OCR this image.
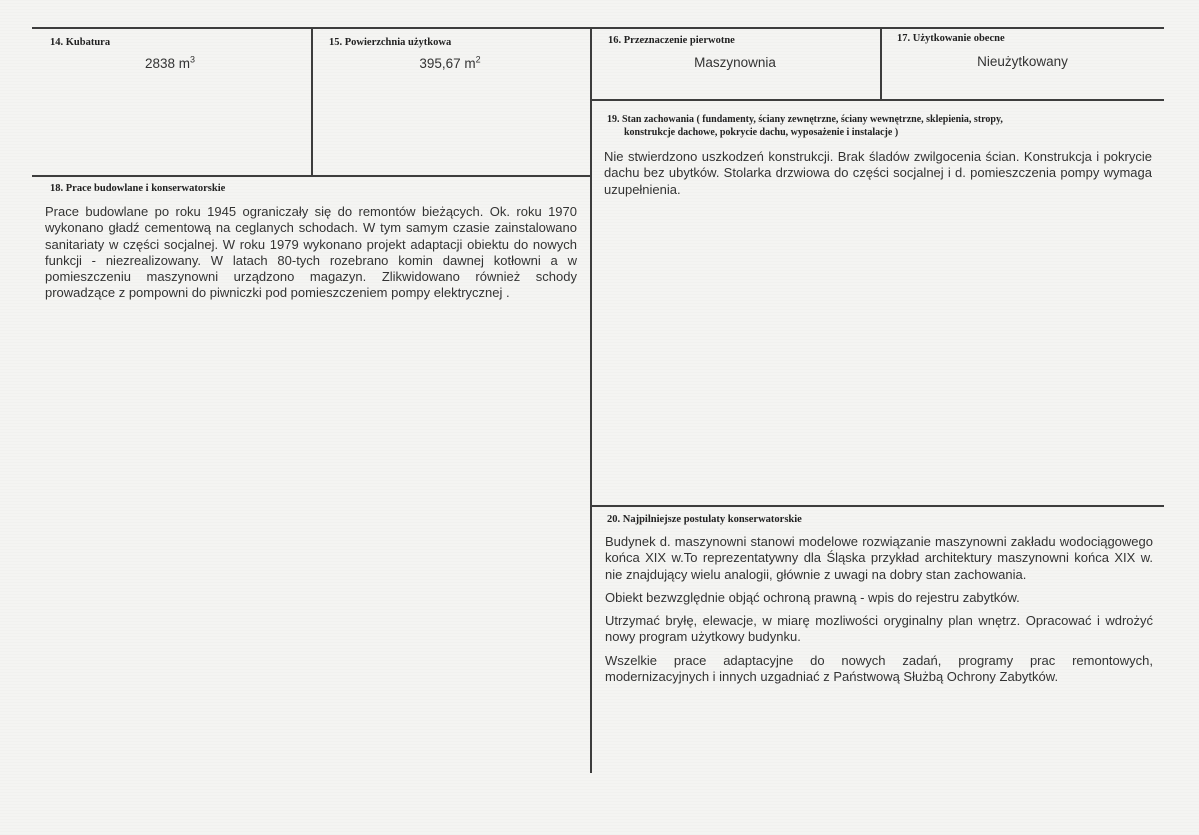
14. Kubatura
2838 $m^3$
15. Powierzchnia użytkowa
395,67 $m^2$
16. Przeznaczenie pierwotne
Maszynownia
17. Użytkowanie obecne
Nieużytkowany
19. Stan zachowania ( fundamenty, ściany zewnętrzne, ściany wewnętrzne, sklepienia, stropy,
konstrukcje dachowe, pokrycie dachu, wyposażenie i instalacje )

Nie stwierdzono uszkodzeń konstrukcji. Brak śladów zwilgocenia ścian. Konstrukcja i pokrycie dachu bez ubytków. Stolarka drzwiowa do części socjalnej i d. pomieszczenia pompy wymaga uzupełnienia.

18. Prace budowlane i konserwatorskie

Prace budowlane po roku 1945 ograniczały się do remontów bieżących. Ok. roku 1970 wykonano gładź cementową na ceglanych schodach. W tym samym czasie zainstalowano sanitariaty w części socjalnej. W roku 1979 wykonano projekt adaptacji obiektu do nowych funkcji - niezrealizowany. W latach 80-tych rozebrano komin dawnej kotłowni a w pomieszczeniu maszynowni urządzono magazyn. Zlikwidowano również schody prowadzące z pompowni do piwniczki pod pomieszczeniem pompy elektrycznej .

20. Najpilniejsze postulaty konserwatorskie

Budynek d. maszynowni stanowi modelowe rozwiązanie maszynowni zakładu wodociągowego końca XIX w.To reprezentatywny dla Śląska przykład architektury maszynowni końca XIX w. nie znajdujący wielu analogii, głównie z uwagi na dobry stan zachowania.

Obiekt bezwzględnie objąć ochroną prawną - wpis do rejestru zabytków.

Utrzymać bryłę, elewacje, w miarę mozliwości oryginalny plan wnętrz. Opracować i wdrożyć nowy program użytkowy budynku.

Wszelkie prace adaptacyjne do nowych zadań, programy prac remontowych, modernizacyjnych i innych uzgadniać z Państwową Służbą Ochrony Zabytków.
